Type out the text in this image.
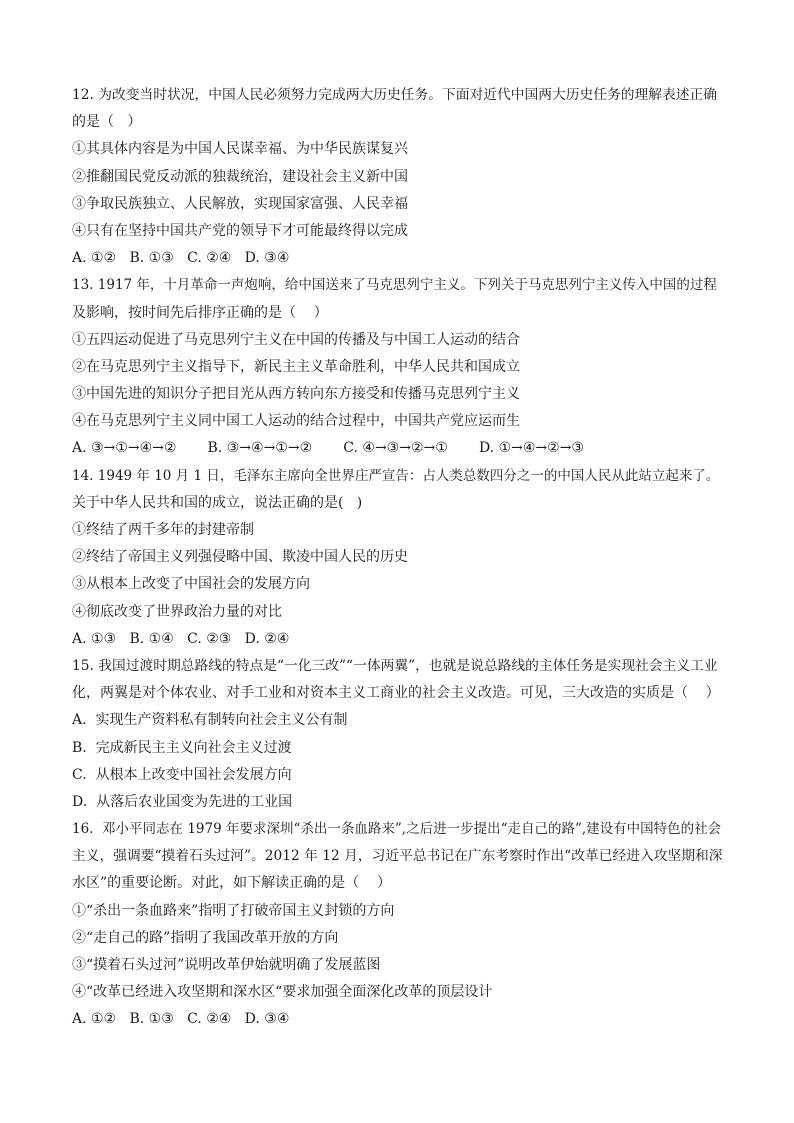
12. 为改变当时状况，中国人民必须努力完成两大历史任务。下面对近代中国两大历史任务的理解表述正确
的是（   ）
①其具体内容是为中国人民谋幸福、为中华民族谋复兴
②推翻国民党反动派的独裁统治，建设社会主义新中国
③争取民族独立、人民解放，实现国家富强、人民幸福
④只有在坚持中国共产党的领导下才可能最终得以完成
A. ①②   B. ①③   C. ②④   D. ③④
13. 1917 年，十月革命一声炮响，给中国送来了马克思列宁主义。下列关于马克思列宁主义传入中国的过程
及影响，按时间先后排序正确的是（    ）
①五四运动促进了马克思列宁主义在中国的传播及与中国工人运动的结合
②在马克思列宁主义指导下，新民主主义革命胜利，中华人民共和国成立
③中国先进的知识分子把目光从西方转向东方接受和传播马克思列宁主义
④在马克思列宁主义同中国工人运动的结合过程中，中国共产党应运而生
A. ③→①→④→②       B. ③→④→①→②       C. ④→③→②→①       D. ①→④→②→③
14. 1949 年 10 月 1 日，毛泽东主席向全世界庄严宣告：占人类总数四分之一的中国人民从此站立起来了。
关于中华人民共和国的成立，说法正确的是(   )
①终结了两千多年的封建帝制
②终结了帝国主义列强侵略中国、欺凌中国人民的历史
③从根本上改变了中国社会的发展方向
④彻底改变了世界政治力量的对比
A. ①③   B. ①④   C. ②③   D. ②④
15. 我国过渡时期总路线的特点是“一化三改”“一体两翼”，也就是说总路线的主体任务是实现社会主义工业
化，两翼是对个体农业、对手工业和对资本主义工商业的社会主义改造。可见，三大改造的实质是（    ）
A.  实现生产资料私有制转向社会主义公有制
B.  完成新民主主义向社会主义过渡
C.  从根本上改变中国社会发展方向
D.  从落后农业国变为先进的工业国
16.  邓小平同志在 1979 年要求深圳“杀出一条血路来”,之后进一步提出“走自己的路”,建设有中国特色的社会
主义，强调要“摸着石头过河”。2012 年 12 月，习近平总书记在广东考察时作出“改革已经进入攻坚期和深
水区”的重要论断。对此，如下解读正确的是（    ）
①“杀出一条血路来”指明了打破帝国主义封锁的方向
②“走自己的路”指明了我国改革开放的方向
③“摸着石头过河”说明改革伊始就明确了发展蓝图
④“改革已经进入攻坚期和深水区“要求加强全面深化改革的顶层设计
A. ①②   B. ①③   C. ②④   D. ③④
